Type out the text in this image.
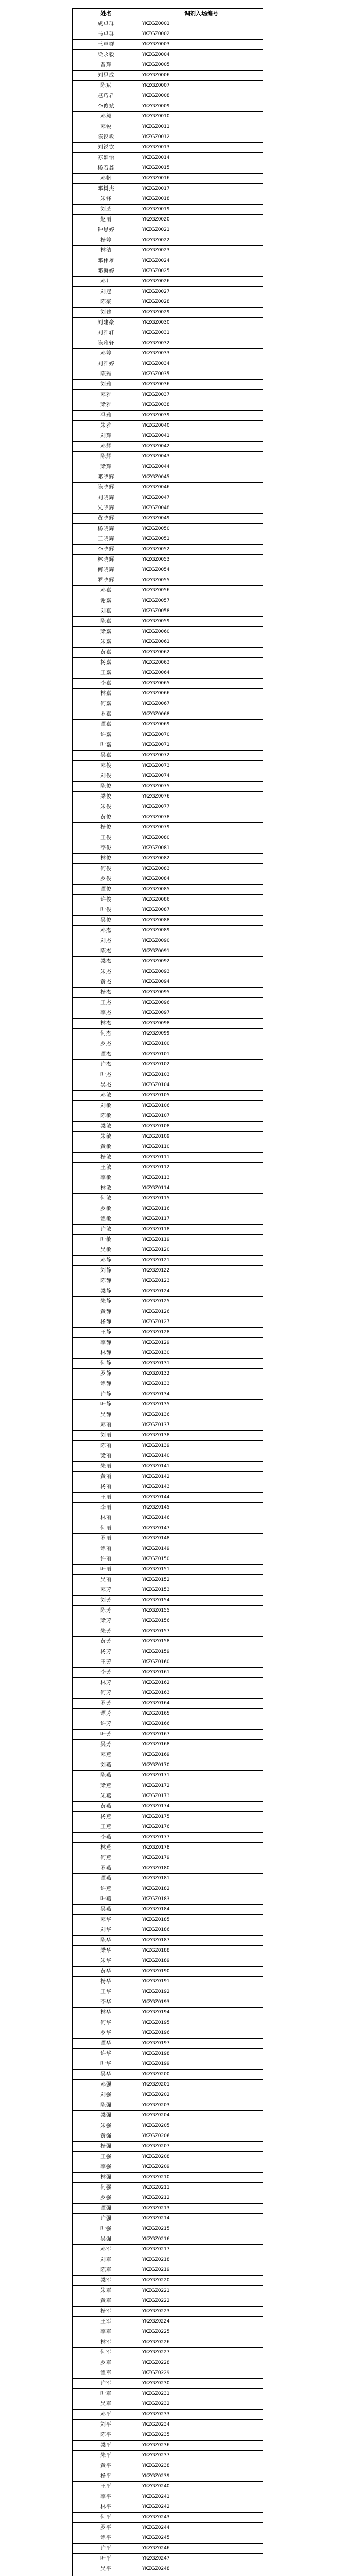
姓名	调剂入场编号
成卓群	YKZGZ0001
马卓群	YKZGZ0002
王卓群	YKZGZ0003
梁永毅	YKZGZ0004
曾辉	YKZGZ0005
刘思成	YKZGZ0006
陈斌	YKZGZ0007
赵巧君	YKZGZ0008
李俊斌	YKZGZ0009
邓毅	YKZGZ0010
邓锐	YKZGZ0011
陈锐敏	YKZGZ0012
刘锐钦	YKZGZ0013
苏颖怡	YKZGZ0014
杨若鑫	YKZGZ0015
邓帆	YKZGZ0016
邓树杰	YKZGZ0017
朱锋	YKZGZ0018
刘芝	YKZGZ0019
赵丽	YKZGZ0020
钟思婷	YKZGZ0021
杨婷	YKZGZ0022
林洁	YKZGZ0023
邓伟雄	YKZGZ0024
邓海婷	YKZGZ0025
邓月	YKZGZ0026
刘冠	YKZGZ0027
陈豪	YKZGZ0028
刘建	YKZGZ0029
刘建豪	YKZGZ0030
刘雅轩	YKZGZ0031
陈雅轩	YKZGZ0032
邓婷	YKZGZ0033
刘雅婷	YKZGZ0034
陈雅	YKZGZ0035
刘雅	YKZGZ0036
邓雅	YKZGZ0037
梁雅	YKZGZ0038
冯雅	YKZGZ0039
朱雅	YKZGZ0040
刘辉	YKZGZ0041
邓辉	YKZGZ0042
陈辉	YKZGZ0043
梁辉	YKZGZ0044
邓晓辉	YKZGZ0045
陈晓辉	YKZGZ0046
刘晓辉	YKZGZ0047
朱晓辉	YKZGZ0048
黄晓辉	YKZGZ0049
杨晓辉	YKZGZ0050
王晓辉	YKZGZ0051
李晓辉	YKZGZ0052
林晓辉	YKZGZ0053
何晓辉	YKZGZ0054
罗晓辉	YKZGZ0055
邓嘉	YKZGZ0056
谢嘉	YKZGZ0057
刘嘉	YKZGZ0058
陈嘉	YKZGZ0059
梁嘉	YKZGZ0060
朱嘉	YKZGZ0061
黄嘉	YKZGZ0062
杨嘉	YKZGZ0063
王嘉	YKZGZ0064
李嘉	YKZGZ0065
林嘉	YKZGZ0066
何嘉	YKZGZ0067
罗嘉	YKZGZ0068
谭嘉	YKZGZ0069
许嘉	YKZGZ0070
叶嘉	YKZGZ0071
吴嘉	YKZGZ0072
邓俊	YKZGZ0073
刘俊	YKZGZ0074
陈俊	YKZGZ0075
梁俊	YKZGZ0076
朱俊	YKZGZ0077
黄俊	YKZGZ0078
杨俊	YKZGZ0079
王俊	YKZGZ0080
李俊	YKZGZ0081
林俊	YKZGZ0082
何俊	YKZGZ0083
罗俊	YKZGZ0084
谭俊	YKZGZ0085
许俊	YKZGZ0086
叶俊	YKZGZ0087
吴俊	YKZGZ0088
邓杰	YKZGZ0089
刘杰	YKZGZ0090
陈杰	YKZGZ0091
梁杰	YKZGZ0092
朱杰	YKZGZ0093
黄杰	YKZGZ0094
杨杰	YKZGZ0095
王杰	YKZGZ0096
李杰	YKZGZ0097
林杰	YKZGZ0098
何杰	YKZGZ0099
罗杰	YKZGZ0100
谭杰	YKZGZ0101
许杰	YKZGZ0102
叶杰	YKZGZ0103
吴杰	YKZGZ0104
邓敏	YKZGZ0105
刘敏	YKZGZ0106
陈敏	YKZGZ0107
梁敏	YKZGZ0108
朱敏	YKZGZ0109
黄敏	YKZGZ0110
杨敏	YKZGZ0111
王敏	YKZGZ0112
李敏	YKZGZ0113
林敏	YKZGZ0114
何敏	YKZGZ0115
罗敏	YKZGZ0116
谭敏	YKZGZ0117
许敏	YKZGZ0118
叶敏	YKZGZ0119
吴敏	YKZGZ0120
邓静	YKZGZ0121
刘静	YKZGZ0122
陈静	YKZGZ0123
梁静	YKZGZ0124
朱静	YKZGZ0125
黄静	YKZGZ0126
杨静	YKZGZ0127
王静	YKZGZ0128
李静	YKZGZ0129
林静	YKZGZ0130
何静	YKZGZ0131
罗静	YKZGZ0132
谭静	YKZGZ0133
许静	YKZGZ0134
叶静	YKZGZ0135
吴静	YKZGZ0136
邓丽	YKZGZ0137
刘丽	YKZGZ0138
陈丽	YKZGZ0139
梁丽	YKZGZ0140
朱丽	YKZGZ0141
黄丽	YKZGZ0142
杨丽	YKZGZ0143
王丽	YKZGZ0144
李丽	YKZGZ0145
林丽	YKZGZ0146
何丽	YKZGZ0147
罗丽	YKZGZ0148
谭丽	YKZGZ0149
许丽	YKZGZ0150
叶丽	YKZGZ0151
吴丽	YKZGZ0152
邓芳	YKZGZ0153
刘芳	YKZGZ0154
陈芳	YKZGZ0155
梁芳	YKZGZ0156
朱芳	YKZGZ0157
黄芳	YKZGZ0158
杨芳	YKZGZ0159
王芳	YKZGZ0160
李芳	YKZGZ0161
林芳	YKZGZ0162
何芳	YKZGZ0163
罗芳	YKZGZ0164
谭芳	YKZGZ0165
许芳	YKZGZ0166
叶芳	YKZGZ0167
吴芳	YKZGZ0168
邓燕	YKZGZ0169
刘燕	YKZGZ0170
陈燕	YKZGZ0171
梁燕	YKZGZ0172
朱燕	YKZGZ0173
黄燕	YKZGZ0174
杨燕	YKZGZ0175
王燕	YKZGZ0176
李燕	YKZGZ0177
林燕	YKZGZ0178
何燕	YKZGZ0179
罗燕	YKZGZ0180
谭燕	YKZGZ0181
许燕	YKZGZ0182
叶燕	YKZGZ0183
吴燕	YKZGZ0184
邓华	YKZGZ0185
刘华	YKZGZ0186
陈华	YKZGZ0187
梁华	YKZGZ0188
朱华	YKZGZ0189
黄华	YKZGZ0190
杨华	YKZGZ0191
王华	YKZGZ0192
李华	YKZGZ0193
林华	YKZGZ0194
何华	YKZGZ0195
罗华	YKZGZ0196
谭华	YKZGZ0197
许华	YKZGZ0198
叶华	YKZGZ0199
吴华	YKZGZ0200
邓强	YKZGZ0201
刘强	YKZGZ0202
陈强	YKZGZ0203
梁强	YKZGZ0204
朱强	YKZGZ0205
黄强	YKZGZ0206
杨强	YKZGZ0207
王强	YKZGZ0208
李强	YKZGZ0209
林强	YKZGZ0210
何强	YKZGZ0211
罗强	YKZGZ0212
谭强	YKZGZ0213
许强	YKZGZ0214
叶强	YKZGZ0215
吴强	YKZGZ0216
邓军	YKZGZ0217
刘军	YKZGZ0218
陈军	YKZGZ0219
梁军	YKZGZ0220
朱军	YKZGZ0221
黄军	YKZGZ0222
杨军	YKZGZ0223
王军	YKZGZ0224
李军	YKZGZ0225
林军	YKZGZ0226
何军	YKZGZ0227
罗军	YKZGZ0228
谭军	YKZGZ0229
许军	YKZGZ0230
叶军	YKZGZ0231
吴军	YKZGZ0232
邓平	YKZGZ0233
刘平	YKZGZ0234
陈平	YKZGZ0235
梁平	YKZGZ0236
朱平	YKZGZ0237
黄平	YKZGZ0238
杨平	YKZGZ0239
王平	YKZGZ0240
李平	YKZGZ0241
林平	YKZGZ0242
何平	YKZGZ0243
罗平	YKZGZ0244
谭平	YKZGZ0245
许平	YKZGZ0246
叶平	YKZGZ0247
吴平	YKZGZ0248
